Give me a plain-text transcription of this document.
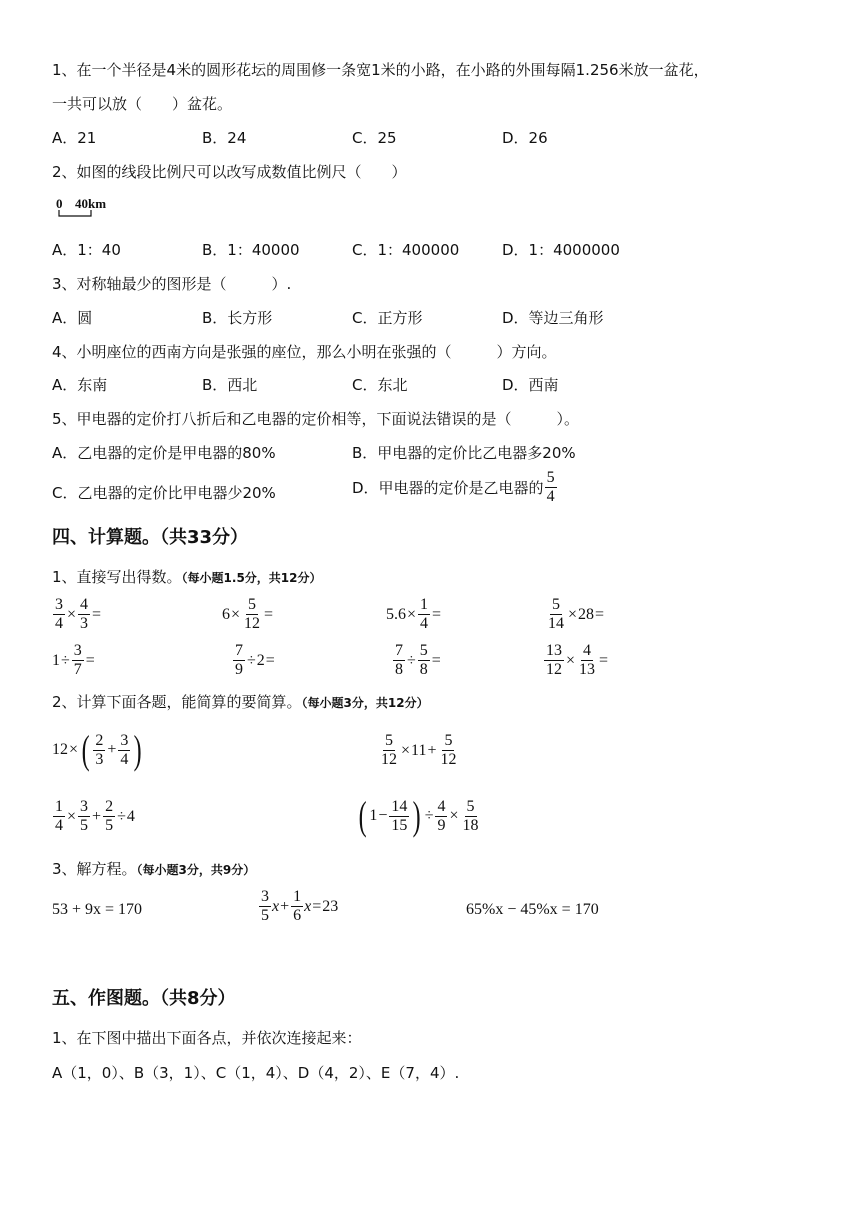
1、在一个半径是4米的圆形花坛的周围修一条宽1米的小路，在小路的外围每隔1.256米放一盆花，
一共可以放（　　）盆花。
A．21	B．24	C．25	D．26
2、如图的线段比例尺可以改写成数值比例尺（　　）
0 40km
A．1：40	B．1：40000	C．1：400000	D．1：4000000
3、对称轴最少的图形是（　　　）.
A．圆	B．长方形	C．正方形	D．等边三角形
4、小明座位的西南方向是张强的座位，那么小明在张强的（　　　）方向。
A．东南	B．西北	C．东北	D．西南
5、甲电器的定价打八折后和乙电器的定价相等，下面说法错误的是（　　　）。
A．乙电器的定价是甲电器的80%	B．甲电器的定价比乙电器多20%
C．乙电器的定价比甲电器少20%	D．甲电器的定价是乙电器的 $\frac{5}{4}$
四、计算题。（共33分）
1、直接写出得数。（每小题1.5分，共12分）
$\frac{3}{4} \times \frac{4}{3}$ =	$6 \times \frac{5}{12}$ =	$5.6 \times \frac{1}{4}$ =	$\frac{5}{14} \times 28$ =
$1 \div \frac{3}{7}$ =	$\frac{7}{9} \div 2$ =	$\frac{7}{8} \div \frac{5}{8}$ =	$\frac{13}{12} \times \frac{4}{13}$ =
2、计算下面各题，能简算的要简算。（每小题3分，共12分）
12 × ( $\frac{2}{3} + \frac{3}{4}$ )	$\frac{5}{12} \times 11 + \frac{5}{12}$
$\frac{1}{4} \times \frac{3}{5} + \frac{2}{5} \div 4$	( $1 - \frac{14}{15}$ ) ÷ $\frac{4}{9} \times \frac{5}{18}$
3、解方程。（每小题3分，共9分）
53 + 9x = 170	$\frac{3}{5}$ $x + \frac{1}{6}$ x = 23	65%x − 45%x = 170
五、作图题。（共8分）
1、在下图中描出下面各点，并依次连接起来：
A（1，0）、B（3，1）、C（1，4）、D（4，2）、E（7，4）.
